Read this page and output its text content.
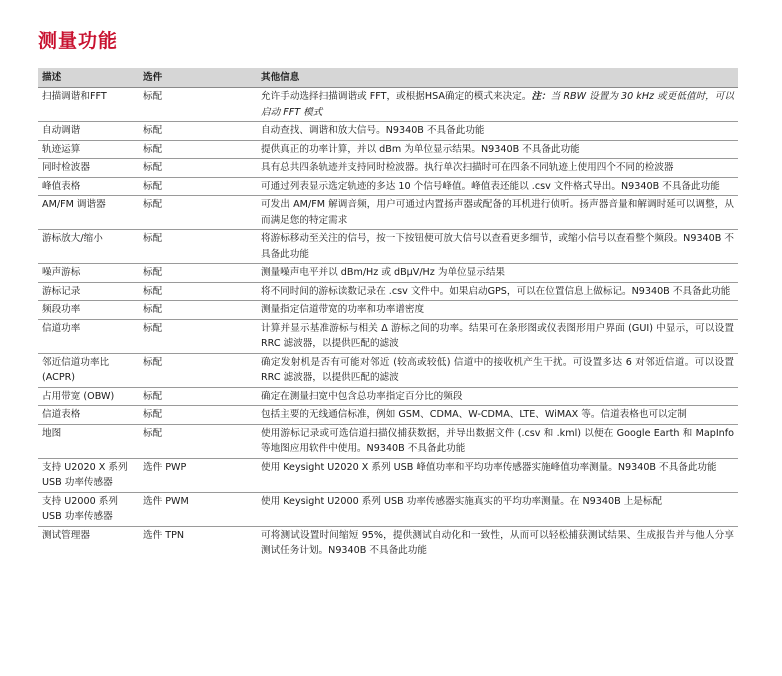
测量功能
描述	选件	其他信息
扫描调谐和FFT	标配	允许手动选择扫描调谐或 FFT，或根据HSA确定的模式来决定。注：当 RBW 设置为 30 kHz 或更低值时，可以启动 FFT 模式
自动调谐	标配	自动查找、调谐和放大信号。N9340B 不具备此功能
轨迹运算	标配	提供真正的功率计算，并以 dBm 为单位显示结果。N9340B 不具备此功能
同时检波器	标配	具有总共四条轨迹并支持同时检波器。执行单次扫描时可在四条不同轨迹上使用四个不同的检波器
峰值表格	标配	可通过列表显示选定轨迹的多达 10 个信号峰值。峰值表还能以 .csv 文件格式导出。N9340B 不具备此功能
AM/FM 调谐器	标配	可发出 AM/FM 解调音频，用户可通过内置扬声器或配备的耳机进行侦听。扬声器音量和解调时延可以调整，从而满足您的特定需求
游标放大/缩小	标配	将游标移动至关注的信号，按一下按钮便可放大信号以查看更多细节，或缩小信号以查看整个频段。N9340B 不具备此功能
噪声游标	标配	测量噪声电平并以 dBm/Hz 或 dBμV/Hz 为单位显示结果
游标记录	标配	将不同时间的游标读数记录在 .csv 文件中。如果启动GPS，可以在位置信息上做标记。N9340B 不具备此功能
频段功率	标配	测量指定信道带宽的功率和功率谱密度
信道功率	标配	计算并显示基准游标与相关 Δ 游标之间的功率。结果可在条形图或仪表图形用户界面 (GUI) 中显示，可以设置 RRC 滤波器，以提供匹配的滤波
邻近信道功率比 (ACPR)	标配	确定发射机是否有可能对邻近 (较高或较低) 信道中的接收机产生干扰。可设置多达 6 对邻近信道。可以设置 RRC 滤波器，以提供匹配的滤波
占用带宽 (OBW)	标配	确定在测量扫宽中包含总功率指定百分比的频段
信道表格	标配	包括主要的无线通信标准，例如 GSM、CDMA、W-CDMA、LTE、WiMAX 等。信道表格也可以定制
地图	标配	使用游标记录或可选信道扫描仪捕获数据，并导出数据文件 (.csv 和 .kml) 以便在 Google Earth 和 MapInfo 等地图应用软件中使用。N9340B 不具备此功能
支持 U2020 X 系列 USB 功率传感器	选件 PWP	使用 Keysight U2020 X 系列 USB 峰值功率和平均功率传感器实施峰值功率测量。N9340B 不具备此功能
支持 U2000 系列 USB 功率传感器	选件 PWM	使用 Keysight U2000 系列 USB 功率传感器实施真实的平均功率测量。在 N9340B 上是标配
测试管理器	选件 TPN	可将测试设置时间缩短 95%，提供测试自动化和一致性，从而可以轻松捕获测试结果、生成报告并与他人分享测试任务计划。N9340B 不具备此功能
